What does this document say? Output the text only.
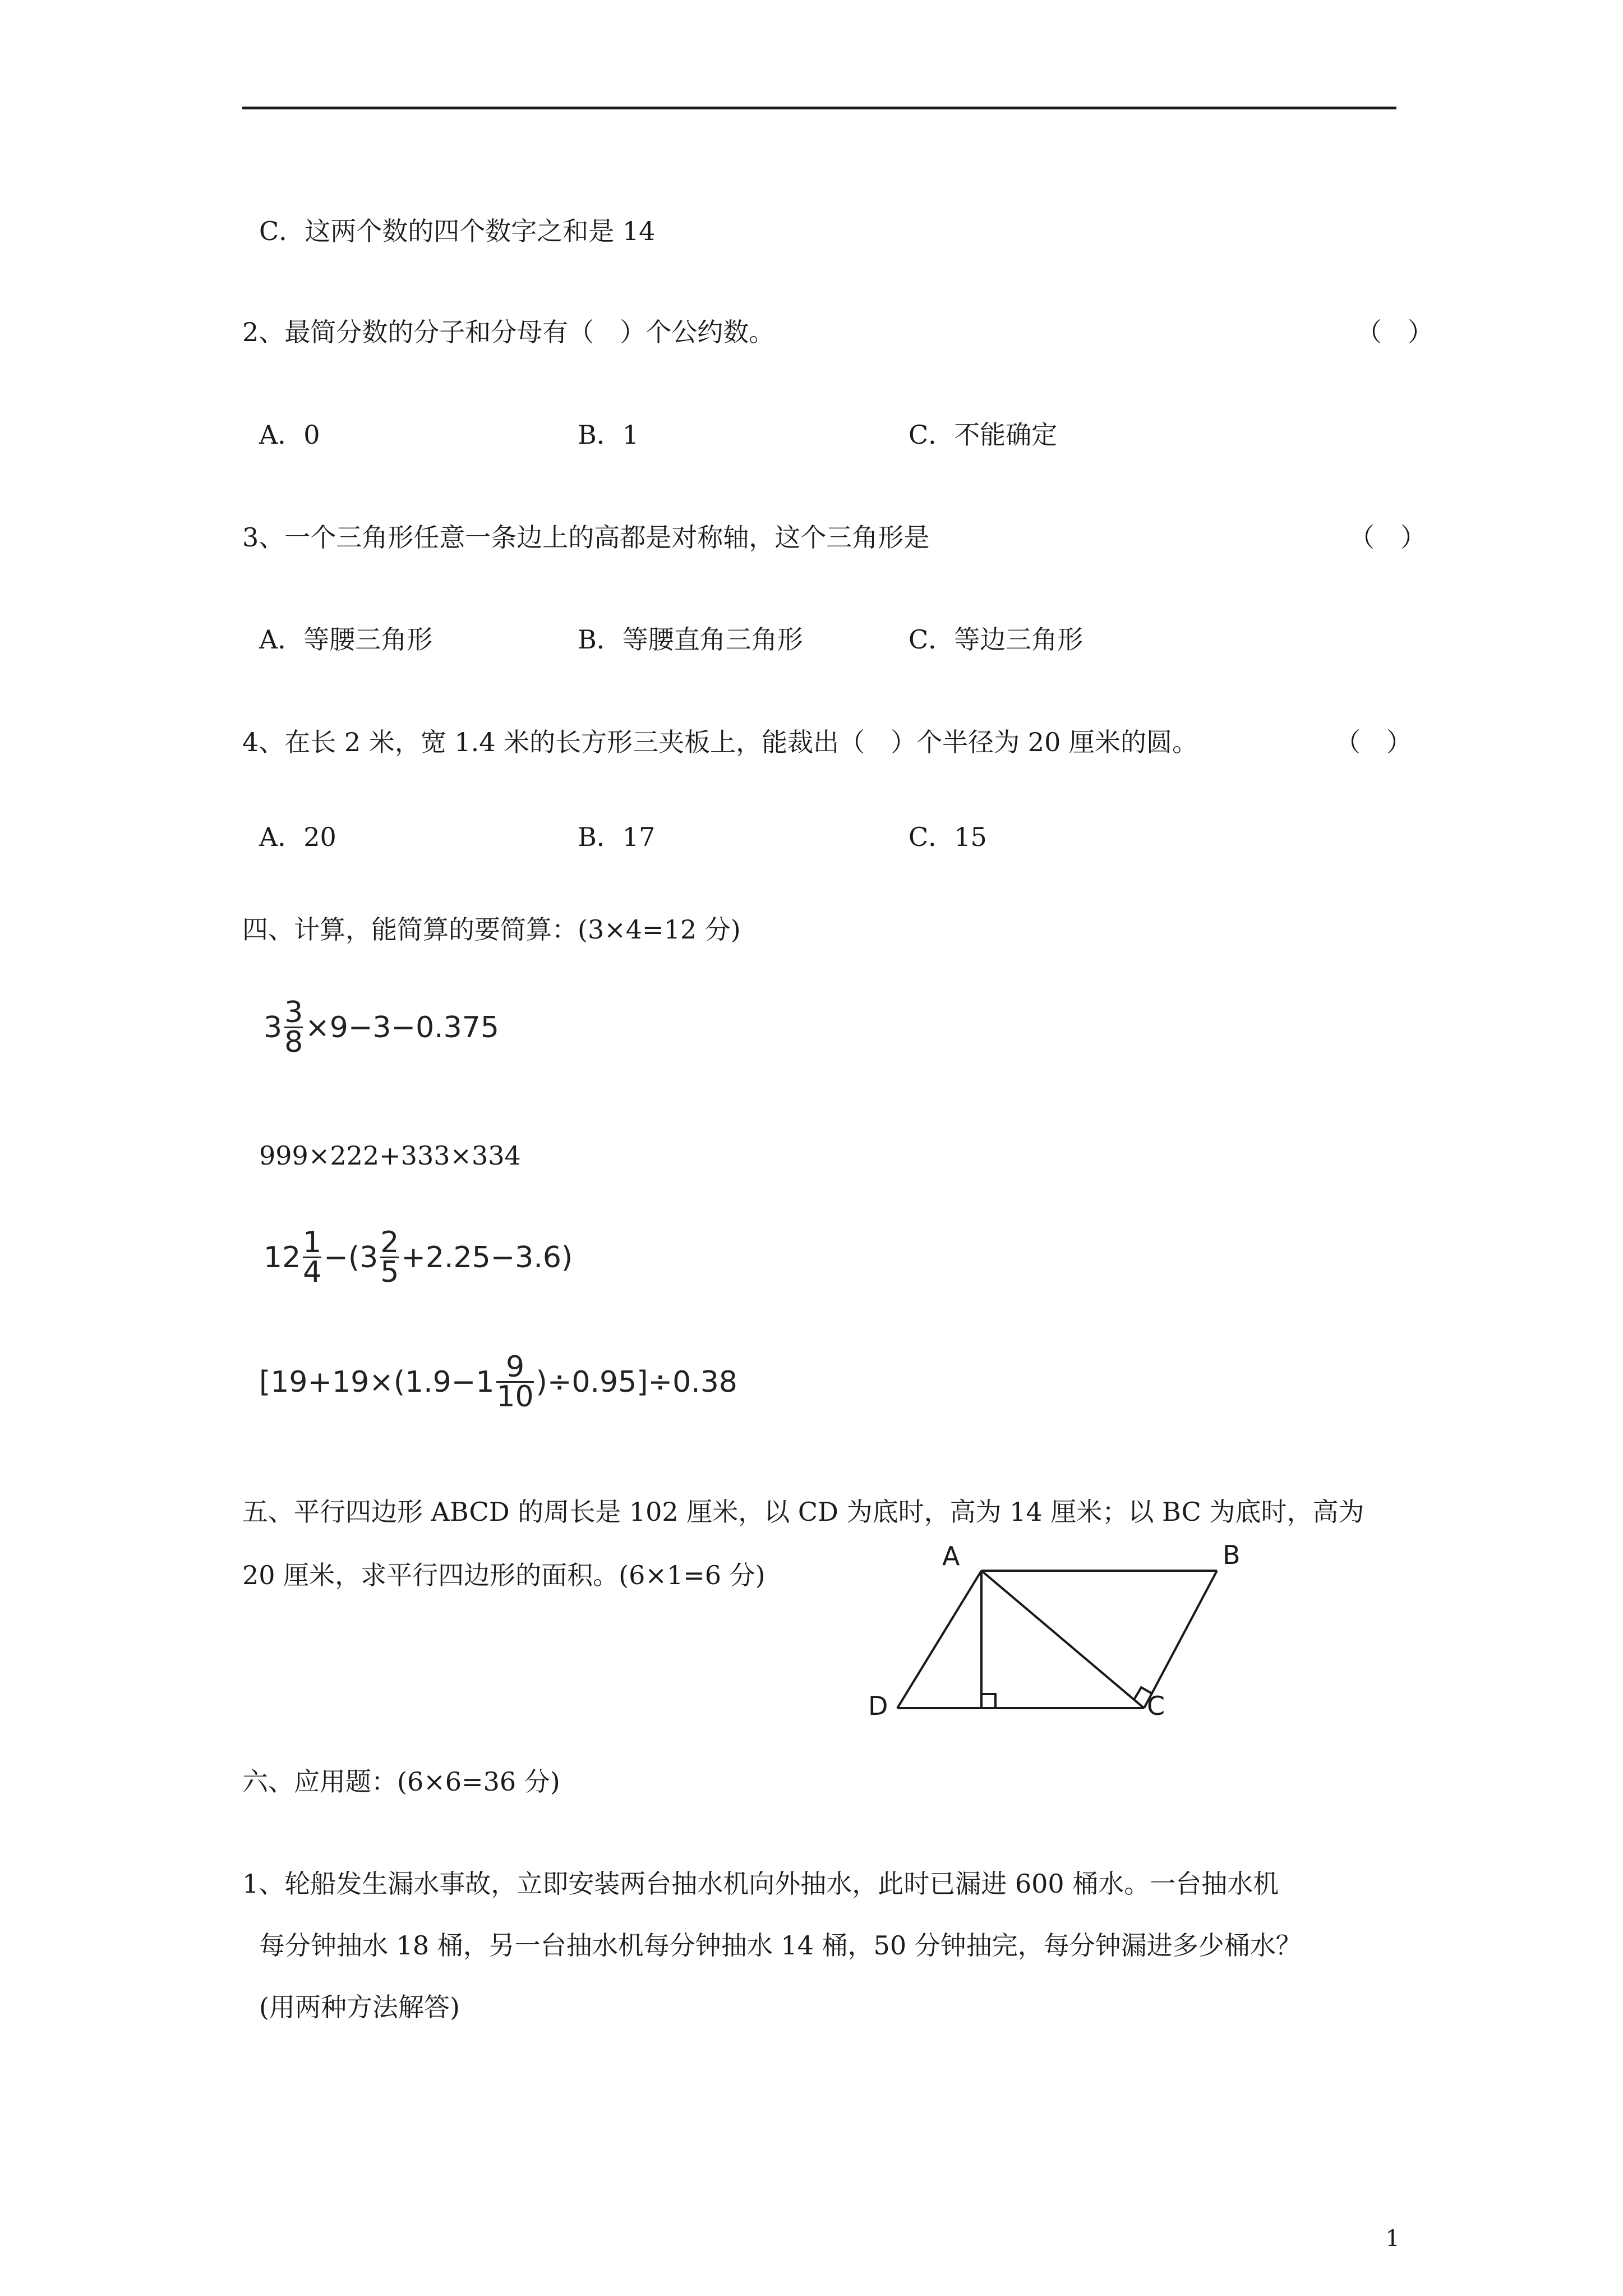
C．这两个数的四个数字之和是 14
2、最简分数的分子和分母有（　）个公约数。	（　）
A．0	B．1	C．不能确定
3、一个三角形任意一条边上的高都是对称轴，这个三角形是	（　）
A．等腰三角形	B．等腰直角三角形	C．等边三角形
4、在长 2 米，宽 1.4 米的长方形三夹板上，能裁出（　）个半径为 20 厘米的圆。	（　）
A．20	B．17	C．15
四、计算，能简算的要简算：(3×4=12 分)
$3 \frac{3}{8} \times 9-3-0.375$
999×222+333×334
$12 \frac{1}{4} -(3 \frac{2}{5} +2.25-3.6)$
$[19+19\times(1.9-1 \frac{9}{10} )\div 0.95]\div 0.38$
五、平行四边形 ABCD 的周长是 102 厘米，以 CD 为底时，高为 14 厘米；以 BC 为底时，高为
20 厘米，求平行四边形的面积。(6×1=6 分)
A	B
C
D
六、应用题：(6×6=36 分)
1、轮船发生漏水事故，立即安装两台抽水机向外抽水，此时已漏进 600 桶水。一台抽水机
每分钟抽水 18 桶，另一台抽水机每分钟抽水 14 桶，50 分钟抽完，每分钟漏进多少桶水？
(用两种方法解答)
1
